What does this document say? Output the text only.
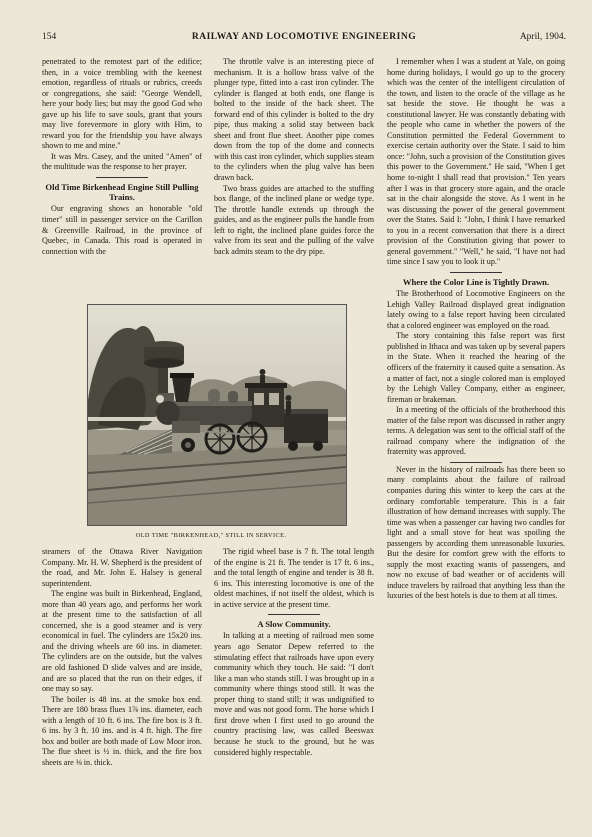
154	RAILWAY AND LOCOMOTIVE ENGINEERING	April, 1904.

penetrated to the remotest part of the edifice; then, in a voice trembling with the keenest emotion, regardless of rituals or rubrics, creeds or congregations, she said: "George Wendell, here your body lies; but may the good God who gave up his life to save souls, grant that yours may live forevermore in glory with Him, to reward you for the friendship you have always shown to me and mine."

It was Mrs. Casey, and the united "Amen" of the multitude was the response to her prayer.

Old Time Birkenhead Engine Still Pulling Trains.

Our engraving shows an honorable "old timer" still in passenger service on the Carillon & Greenville Railroad, in the province of Quebec, in Canada. This road is operated in connection with the

The throttle valve is an interesting piece of mechanism. It is a hollow brass valve of the plunger type, fitted into a cast iron cylinder. The cylinder is flanged at both ends, one flange is bolted to the inside of the back sheet. The forward end of this cylinder is bolted to the dry pipe, thus making a solid stay between back sheet and front flue sheet. Another pipe comes down from the top of the dome and connects with this cast iron cylinder, which supplies steam to the cylinders when the plug valve has been drawn back.

Two brass guides are attached to the stuffing box flange, of the inclined plane or wedge type. The throttle handle extends up through the guides, and as the engineer pulls the handle from left to right, the inclined plane guides force the valve from its seat and the pulling of the valve back admits steam to the dry pipe.

I remember when I was a student at Yale, on going home during holidays, I would go up to the grocery which was the center of the intelligent circulation of the town, and listen to the oracle of the village as he sat beside the stove. He thought he was a constitutional lawyer. He was constantly debating with the people who came in whether the powers of the Constitution permitted the Federal Government to exercise certain authority over the State. I said to him once: "John, such a provision of the Constitution gives this power to the Government." He said, "When I get home to-night I shall read that provision." Ten years after I was in that grocery store again, and the oracle sat in the chair alongside the stove. As I went in he was discussing the power of the general government over the States. Said I: "John, I think I have remarked to you in a recent conversation that there is a direct provision of the Constitution giving that power to general government." "Well," he said, "I have not had time since I saw you to look it up."

Where the Color Line is Tightly Drawn.

The Brotherhood of Locomotive Engineers on the Lehigh Valley Railroad displayed great indignation lately owing to a false report having been circulated that a colored engineer was employed on the road.

The story containing this false report was first published in Ithaca and was taken up by several papers in the State. When it reached the hearing of the officers of the fraternity it caused quite a sensation. As a matter of fact, not a single colored man is employed by the Lehigh Valley Company, either as engineer, fireman or brakeman.

In a meeting of the officials of the brotherhood this matter of the false report was discussed in rather angry terms. A delegation was sent to the official staff of the railroad company where the indignation of the fraternity was approved.

Never in the history of railroads has there been so many complaints about the failure of railroad companies during this winter to keep the cars at the ordinary comfortable temperature. This is a fair illustration of how demand increases with supply. The time was when a passenger car having two candles for light and a small stove for heat was spoiling the passengers by according them unreasonable luxuries. But the desire for comfort grew with the efforts to supply the most exacting wants of passengers, and now no excuse of bad weather or of accidents will induce travelers by railroad that anything less than the luxuries of the best hotels is due to them at all times.

OLD TIME "BIRKENHEAD," STILL IN SERVICE.

steamers of the Ottawa River Navigation Company. Mr. H. W. Shepherd is the president of the road, and Mr. John E. Halsey is general superintendent.

The engine was built in Birkenhead, England, more than 40 years ago, and performs her work at the present time to the satisfaction of all concerned, she is a good steamer and is very economical in fuel. The cylinders are 15x20 ins. and the driving wheels are 60 ins. in diameter. The cylinders are on the outside, but the valves are old fashioned D slide valves and are inside, and are so placed that the run on their edges, if one may so say.

The boiler is 48 ins. at the smoke box end. There are 180 brass flues 1⅞ ins. diameter, each with a length of 10 ft. 6 ins. The fire box is 3 ft. 6 ins. by 3 ft. 10 ins. and is 4 ft. high. The fire box and boiler are both made of Low Moor iron. The flue sheet is ½ in. thick, and the fire box sheets are ⅜ in. thick.

The rigid wheel base is 7 ft. The total length of the engine is 21 ft. The tender is 17 ft. 6 ins., and the total length of engine and tender is 38 ft. 6 ins. This interesting locomotive is one of the oldest machines, if not itself the oldest, which is in active service at the present time.

A Slow Community.

In talking at a meeting of railroad men some years ago Senator Depew referred to the stimulating effect that railroads have upon every community which they touch. He said: "I don't like a man who stands still. I was brought up in a community where things stood still. It was the proper thing to stand still; it was undignified to move and was not good form. The horse which I first drove when I first used to go around the country practising law, was called Beeswax because he stuck to the ground, but he was considered highly respectable.
